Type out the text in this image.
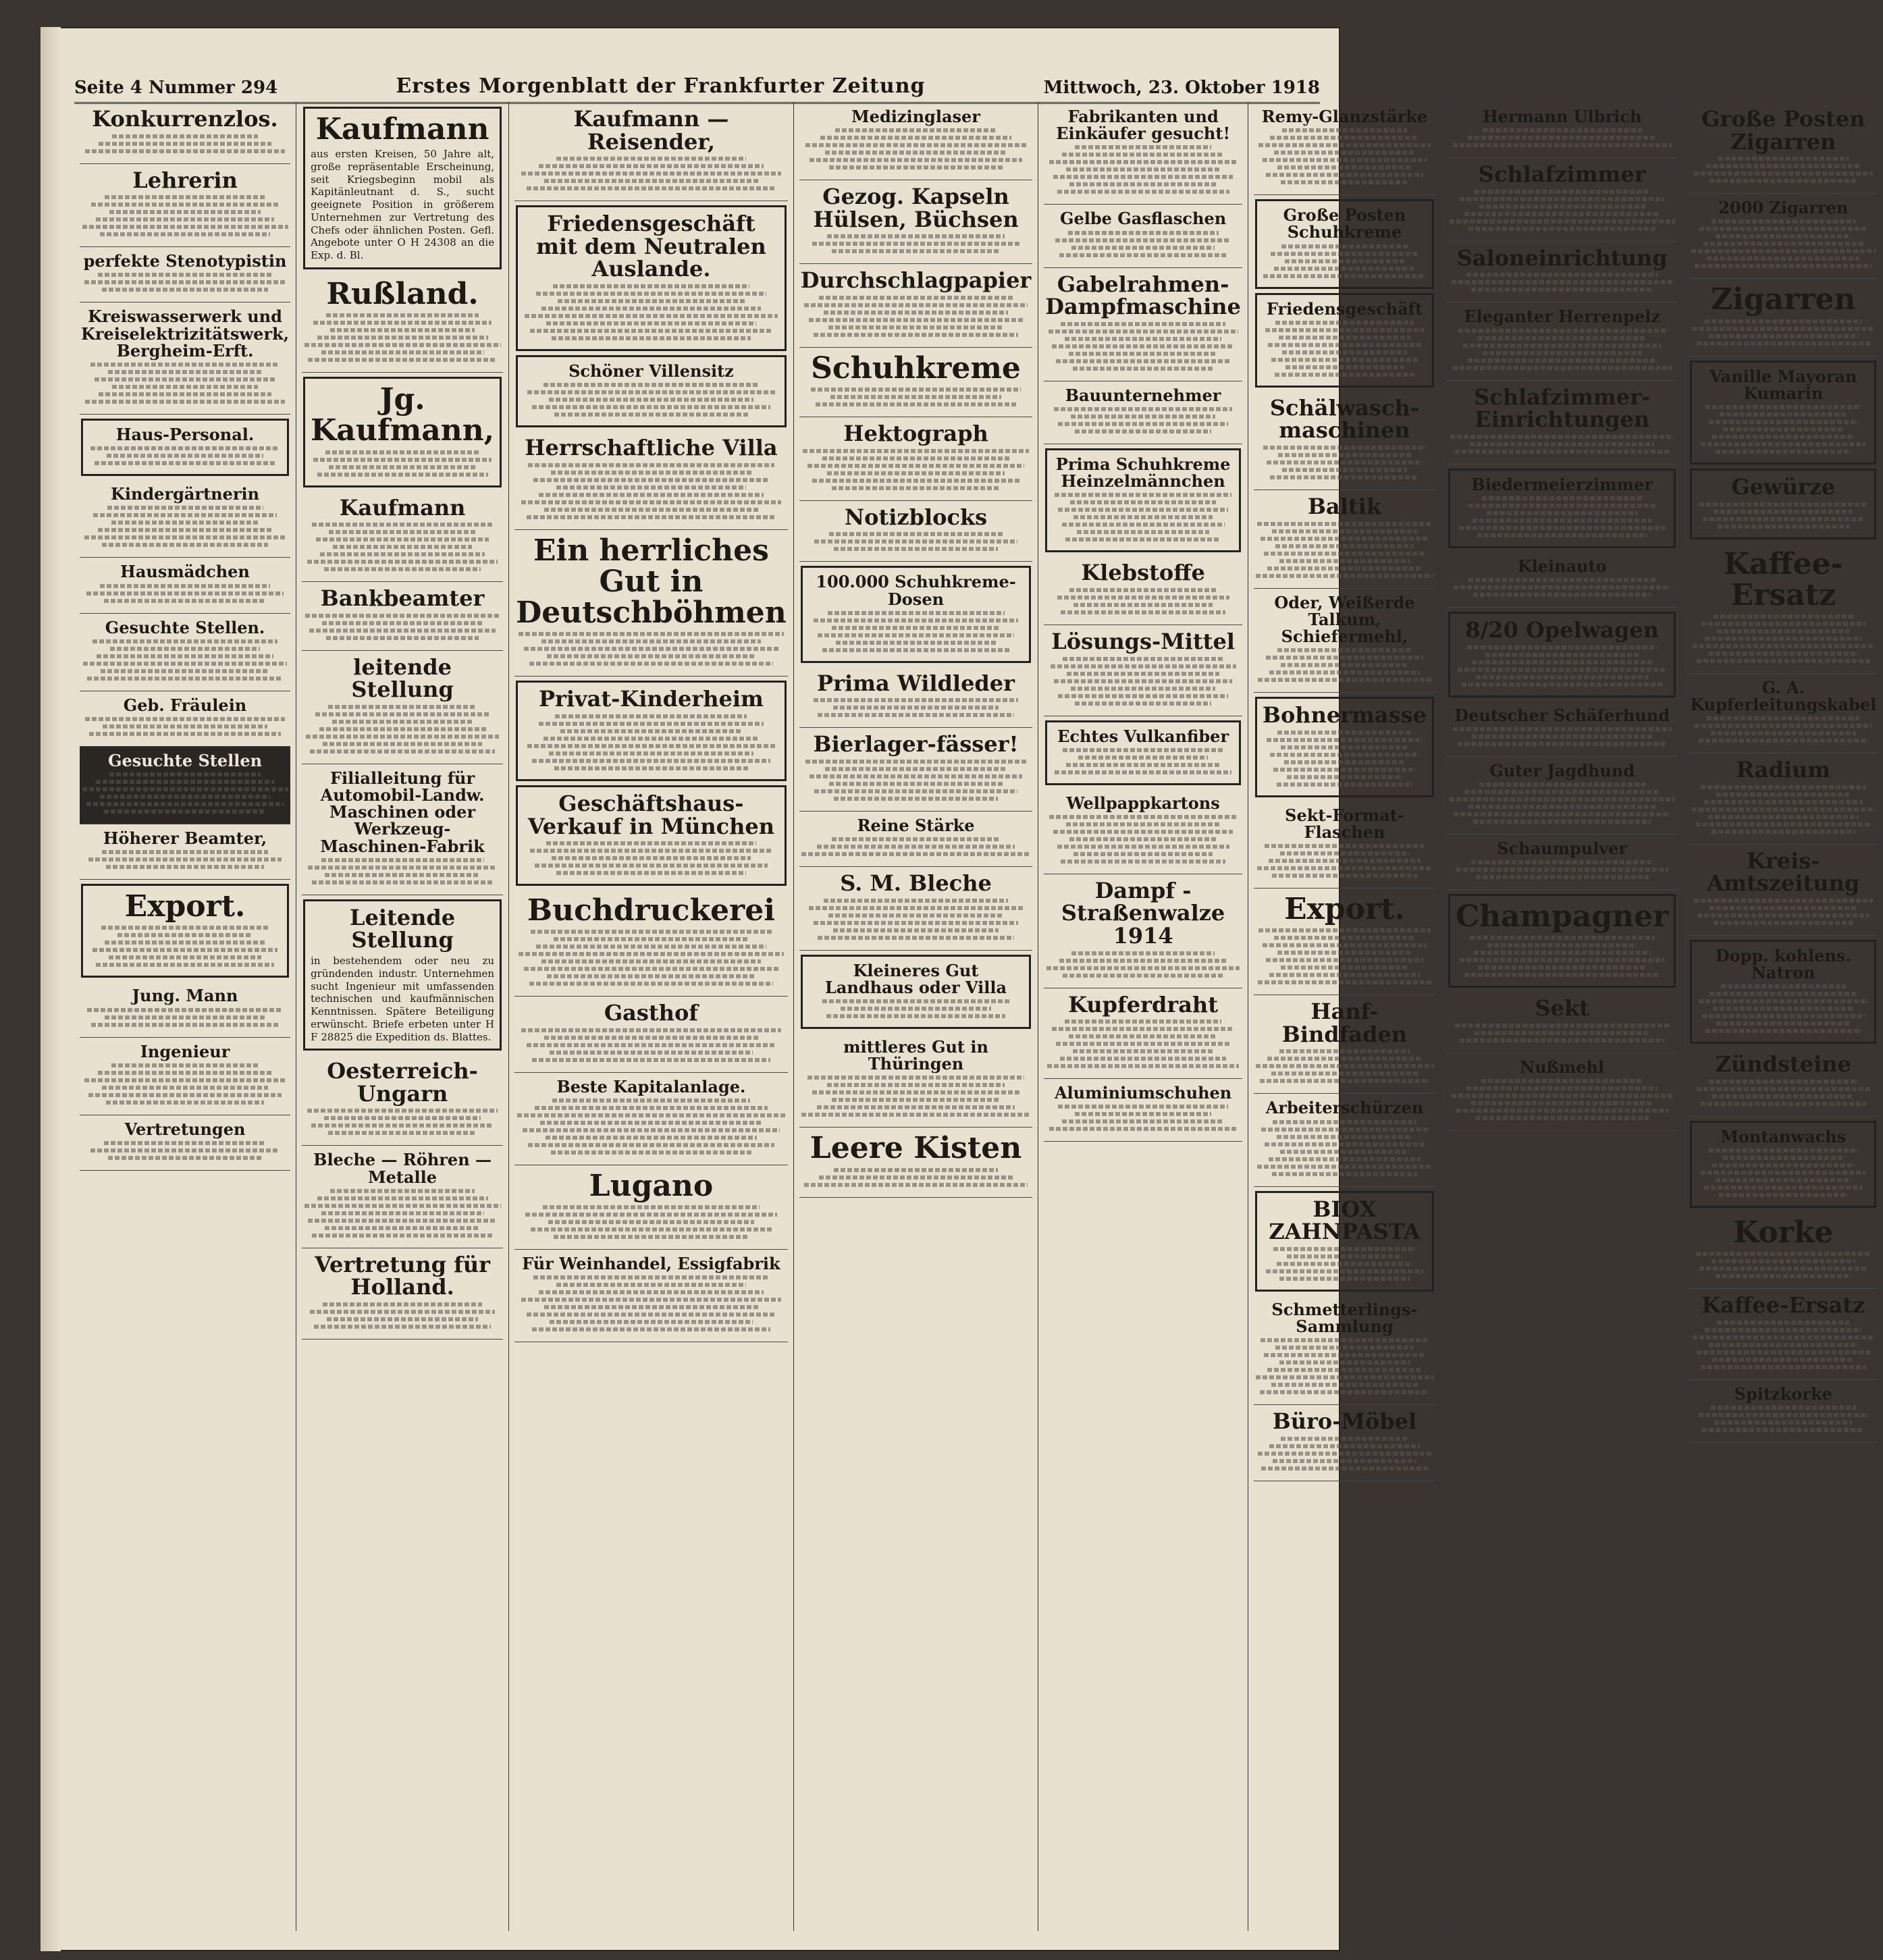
Seite 4 Nummer 294	Erstes Morgenblatt der Frankfurter Zeitung	Mittwoch, 23. Oktober 1918
Konkurrenzlos.
Lehrerin
perfekte Stenotypistin
Kreiswasserwerk und Kreiselektrizitätswerk, Bergheim-Erft.
Haus-Personal.
Kindergärtnerin
Hausmädchen
Gesuchte Stellen.
Geb. Fräulein
Gesuchte Stellen
Höherer Beamter,
Export.
Jung. Mann
Ingenieur
Vertretungen
Kaufmann
aus ersten Kreisen, 50 Jahre alt, große repräsentable Erscheinung, seit Kriegsbeginn mobil als Kapitänleutnant d. S., sucht geeignete Position in größerem Unternehmen zur Vertretung des Chefs oder ähnlichen Posten. Gefl. Angebote unter O H 24308 an die Exp. d. Bl.
Rußland.
Jg. Kaufmann,
Kaufmann
Bankbeamter
leitende Stellung
Filialleitung für Automobil-Landw. Maschinen oder Werkzeug-Maschinen-Fabrik
Leitende Stellung
in bestehendem oder neu zu gründenden industr. Unternehmen sucht Ingenieur mit umfassenden technischen und kaufmännischen Kenntnissen. Spätere Beteiligung erwünscht. Briefe erbeten unter H F 28825 die Expedition ds. Blattes.
Oesterreich-Ungarn
Bleche — Röhren — Metalle
Vertretung für Holland.
Kaufmann — Reisender,
Friedensgeschäft mit dem Neutralen Auslande.
Schöner Villensitz
Herrschaftliche Villa
Ein herrliches Gut in Deutschböhmen
Privat-Kinderheim
Geschäftshaus-Verkauf in München
Buchdruckerei
Gasthof
Beste Kapitalanlage.
Lugano
Für Weinhandel, Essigfabrik
Medizinglaser
Gezog. Kapseln Hülsen, Büchsen
Durchschlagpapier
Schuhkreme
Hektograph
Notizblocks
100.000 Schuhkreme-Dosen
Prima Wildleder
Bierlager-fässer!
Reine Stärke
S. M. Bleche
Kleineres Gut Landhaus oder Villa
mittleres Gut in Thüringen
Leere Kisten
Fabrikanten und Einkäufer gesucht!
Gelbe Gasflaschen
Gabelrahmen-Dampfmaschine
Bauunternehmer
Prima Schuhkreme Heinzelmännchen
Klebstoffe
Lösungs-Mittel
Echtes Vulkanfiber
Wellpappkartons
Dampf - Straßenwalze 1914
Kupferdraht
Aluminiumschuhen
Remy-Glanzstärke
Große Posten Schuhkreme
Friedensgeschäft
Schälwasch-maschinen
Baltik
Oder, Weißerde Talkum, Schiefermehl,
Bohnermasse
Sekt-Format-Flaschen
Export.
Hanf-Bindfaden
Arbeiterschürzen
BIOX ZAHNPASTA
Schmetterlings-Sammlung
Büro-Möbel
Hermann Ulbrich
Schlafzimmer
Saloneinrichtung
Eleganter Herrenpelz
Schlafzimmer-Einrichtungen
Biedermeierzimmer
Kleinauto
8/20 Opelwagen
Deutscher Schäferhund
Guter Jagdhund
Schaumpulver
Champagner
Sekt
Nußmehl
Große Posten Zigarren
2000 Zigarren
Zigarren
Vanille Mayoran Kumarin
Gewürze
Kaffee-Ersatz
G. A. Kupferleitungskabel
Radium
Kreis-Amtszeitung
Dopp. kohlens. Natron
Zündsteine
Montanwachs
Korke
Kaffee-Ersatz
Spitzkorke
